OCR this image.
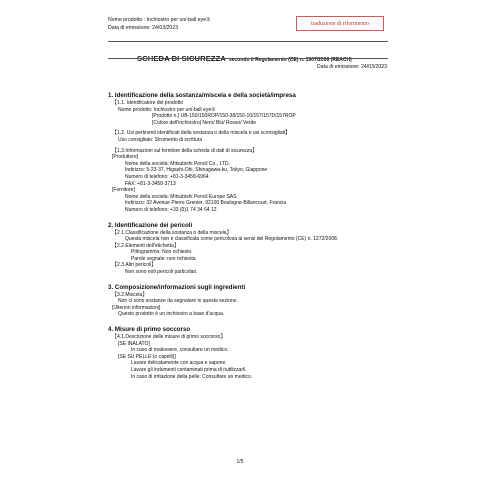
Nome prodotto : Inchiostro per uni-ball eye②
Data di emissione: 24/03/2023
traduzione di riferimento
SCHEDA DI SICUREZZA secondo il Regolamento (CE) n. 1907/2006 (REACH)
Data di emissione: 24/03/2023
1. Identificazione della sostanza/miscela e della società/impresa
【1.1. Identificatore del prodotto
Nome prodotto: Inchiostro per uni-ball eye②
[Prodotto n.] UB-150/150ROP/150-38/150-10/157/157D/157ROP
[Colore dell'inchiostro] Nero/ Blu/ Rosso/ Verde
【1.2. Usi pertinenti identificati della sostanza o della miscela e usi sconsigliati】
Uso consigliato: Strumento di scrittura
【1.3.Informazioni sul fornitore della scheda di dati di sicurezza】
[Produttore]
Nome della società: Mitsubishi Pencil Co., LTD.
Indirizzo: 5-23-37, Higashi-Ohi, Shinagawa-ku, Tokyo, Giappone
Numero di telefono: +81-3-3458-6964
FAX: +81-3-3458-3713
[Fornitore]
Nome della società: Mitsubishi Pencil Europe SAS
Indirizzo: 32 Avenue Pierre Grenier, 92100 Boulogne-Billancourt, Francia
Numero di telefono: +33 (0)1 74 34 64 12
2. Identificazione dei pericoli
【2.1.Classificazione della sostanza o della miscela】
Questa miscela non è classificata come pericolosa ai sensi del Regolamento (CE) n. 1272/2008.
【2.2.Elementi dell'etichetta】
Pittogramma: Non richiesto.
Parole segnale: non richiesta.
【2.3.Altri pericoli】
Non sono noti pericoli particolari.
3. Composizione/informazioni sugli ingredienti
【3.2.Miscela】
Non ci sono sostanze da segnalare in questa sezione.
[Ulteriori informazioni]
Questo prodotto è un inchiostro a base d'acqua.
4. Misure di primo soccorso
【4.1.Descrizione delle misure di primo soccorso】
[SE INALATO]
In caso di malessere, consultare un medico.
[SE SU PELLE (o capelli)]
Lavare delicatamente con acqua e sapone.
Lavare gli indumenti contaminati prima di riutilizzarli.
In caso di irritazione della pelle: Consultare un medico.
1/5
